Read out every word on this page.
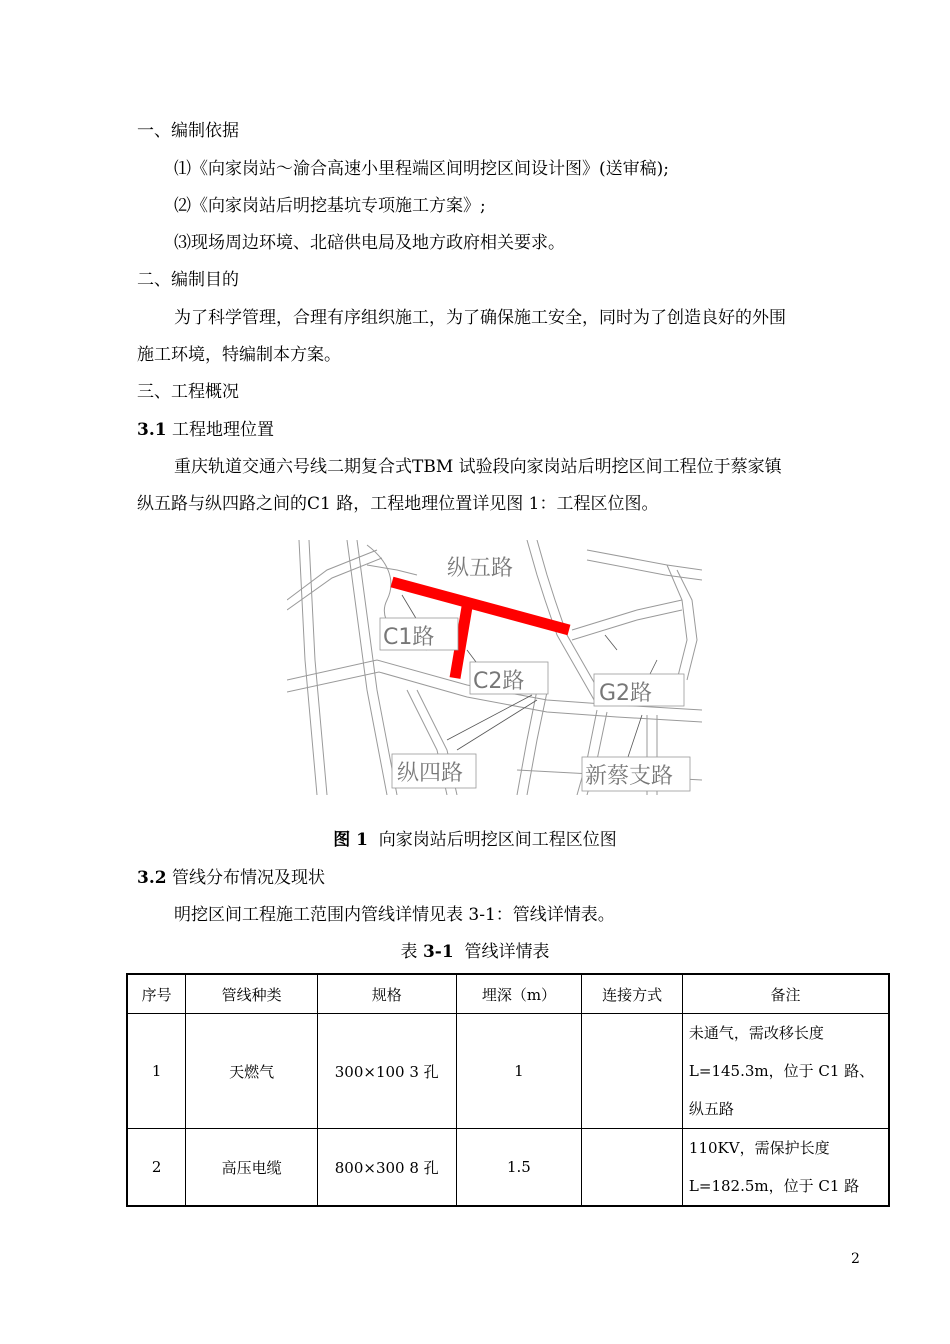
一、编制依据
⑴《向家岗站～渝合高速小里程端区间明挖区间设计图》(送审稿);
⑵《向家岗站后明挖基坑专项施工方案》;
⑶现场周边环境、北碚供电局及地方政府相关要求。
二、编制目的
为了科学管理，合理有序组织施工，为了确保施工安全，同时为了创造良好的外围
施工环境，特编制本方案。
三、工程概况
3.1 工程地理位置
重庆轨道交通六号线二期复合式TBM 试验段向家岗站后明挖区间工程位于蔡家镇
纵五路与纵四路之间的C1 路，工程地理位置详见图 1：工程区位图。
纵五路
C1路
C2路	G2路
纵四路	新蔡支路
图 1 向家岗站后明挖区间工程区位图
3.2 管线分布情况及现状
明挖区间工程施工范围内管线详情见表 3-1：管线详情表。
表 3-1 管线详情表
序号	管线种类	规格	埋深（m）	连接方式	备注
1	天燃气	300×100 3 孔	1		未通气，需改移长度
L=145.3m，位于 C1 路、
纵五路

2	高压电缆	800×300 8 孔	1.5		110KV，需保护长度
L=182.5m，位于 C1 路
2
